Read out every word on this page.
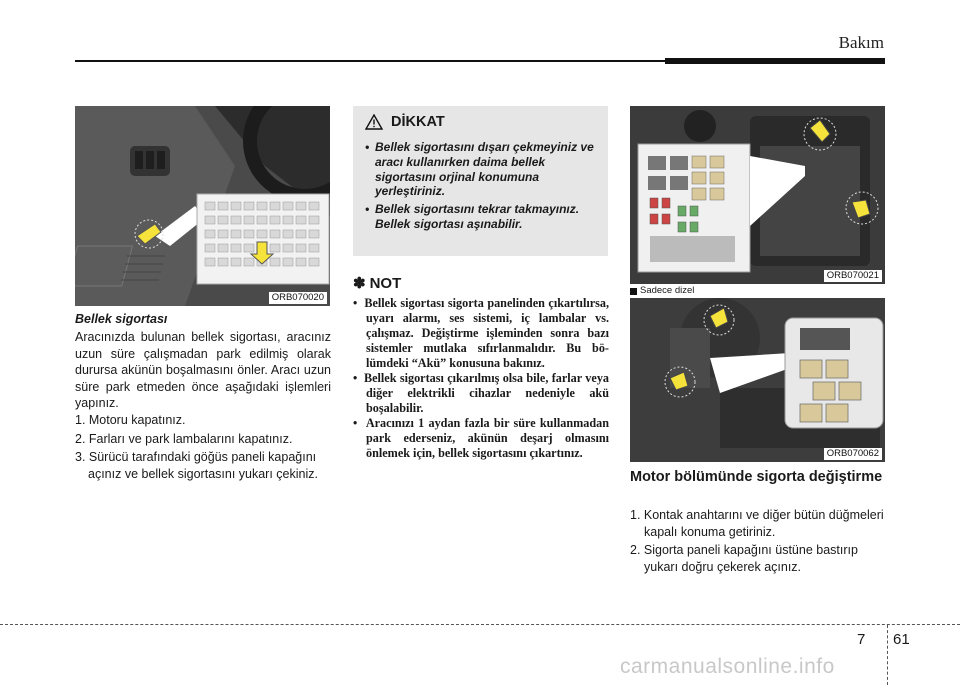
Bakım
ORB070020
Bellek sigortası

Aracınızda bulunan bellek sigortası, aracınız uzun süre çalışmadan park edilmiş olarak durursa akünün boşalmasını önler. Aracı uzun süre park etmeden önce aşağıdaki işlemleri yapınız.

1. Motoru kapatınız.
2. Farları ve park lambalarını kapatınız.
3. Sürücü tarafındaki göğüs paneli kapağını açınız ve bellek sigortasını yukarı çekiniz.
DİKKAT
• Bellek sigortasını dışarı çekmeyiniz ve aracı kullanırken daima bellek sigortasını orjinal konumuna yerleştiriniz.
• Bellek sigortasını tekrar takmayınız. Bellek sigortası aşınabilir.
✽ NOT
• Bellek sigortası sigorta panelinden çıkartılırsa, uyarı alarmı, ses sistemi, iç lambalar vs. çalışmaz. Değiştirme işleminden sonra bazı sistemler mutlaka sıfırlanmalıdır. Bu bö-lümdeki “Akü” konusuna bakınız.
• Bellek sigortası çıkarılmış olsa bile, farlar veya diğer elektrikli cihazlar nedeniyle akü boşalabilir.
• Aracınızı 1 aydan fazla bir süre kullanmadan park ederseniz, akünün deşarj olmasını önlemek için, bellek sigortasını çıkartınız.
ORB070021
Sadece dizel
ORB070062
Motor bölümünde sigorta değiştirme
1. Kontak anahtarını ve diğer bütün düğmeleri kapalı konuma getiriniz.
2. Sigorta paneli kapağını üstüne bastırıp yukarı doğru çekerek açınız.
7 61
carmanualsonline.info
